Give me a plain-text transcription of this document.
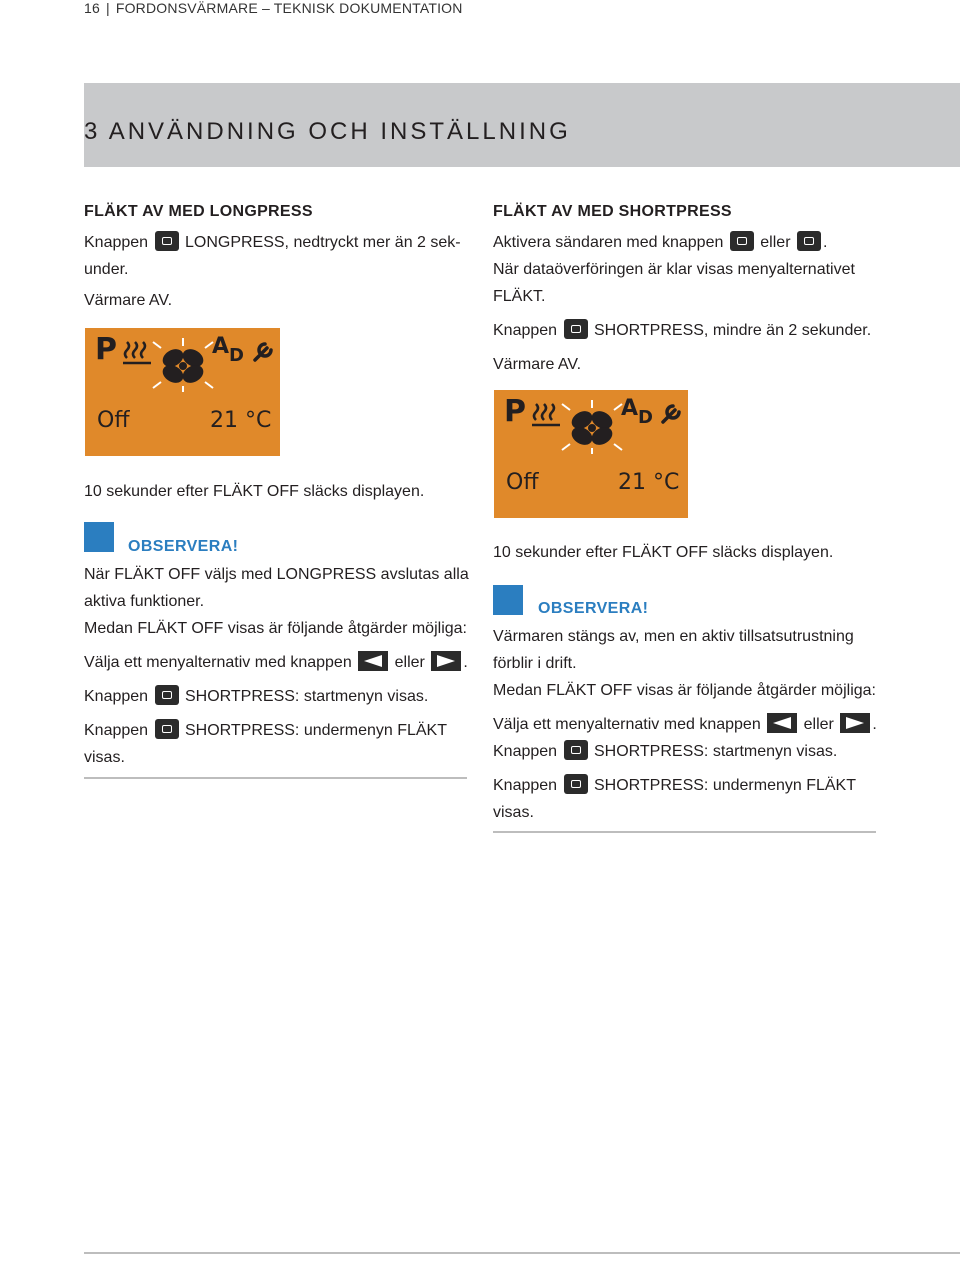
16 | FORDONSVÄRMARE – TEKNISK DOKUMENTATION
3 ANVÄNDNING OCH INSTÄLLNING

FLÄKT AV MED LONGPRESS

Knappen LONGPRESS, nedtryckt mer än 2 sek-

under.

Värmare AV.

P	$A_D$
Off	21 °C

10 sekunder efter FLÄKT OFF släcks displayen.

OBSERVERA!

När FLÄKT OFF väljs med LONGPRESS avslutas alla

aktiva funktioner.

Medan FLÄKT OFF visas är följande åtgärder möjliga:

Välja ett menyalternativ med knappen	eller .

Knappen SHORTPRESS: startmenyn visas.

Knappen SHORTPRESS: undermenyn FLÄKT

visas.

FLÄKT AV MED SHORTPRESS

Aktivera sändaren med knappen eller .

När dataöverföringen är klar visas menyalternativet

FLÄKT.

Knappen SHORTPRESS, mindre än 2 sekunder.

Värmare AV.

P	$A_D$
Off	21 °C

10 sekunder efter FLÄKT OFF släcks displayen.

OBSERVERA!

Värmaren stängs av, men en aktiv tillsatsutrustning

förblir i drift.

Medan FLÄKT OFF visas är följande åtgärder möjliga:

Välja ett menyalternativ med knappen	eller .

Knappen SHORTPRESS: startmenyn visas.

Knappen SHORTPRESS: undermenyn FLÄKT

visas.
